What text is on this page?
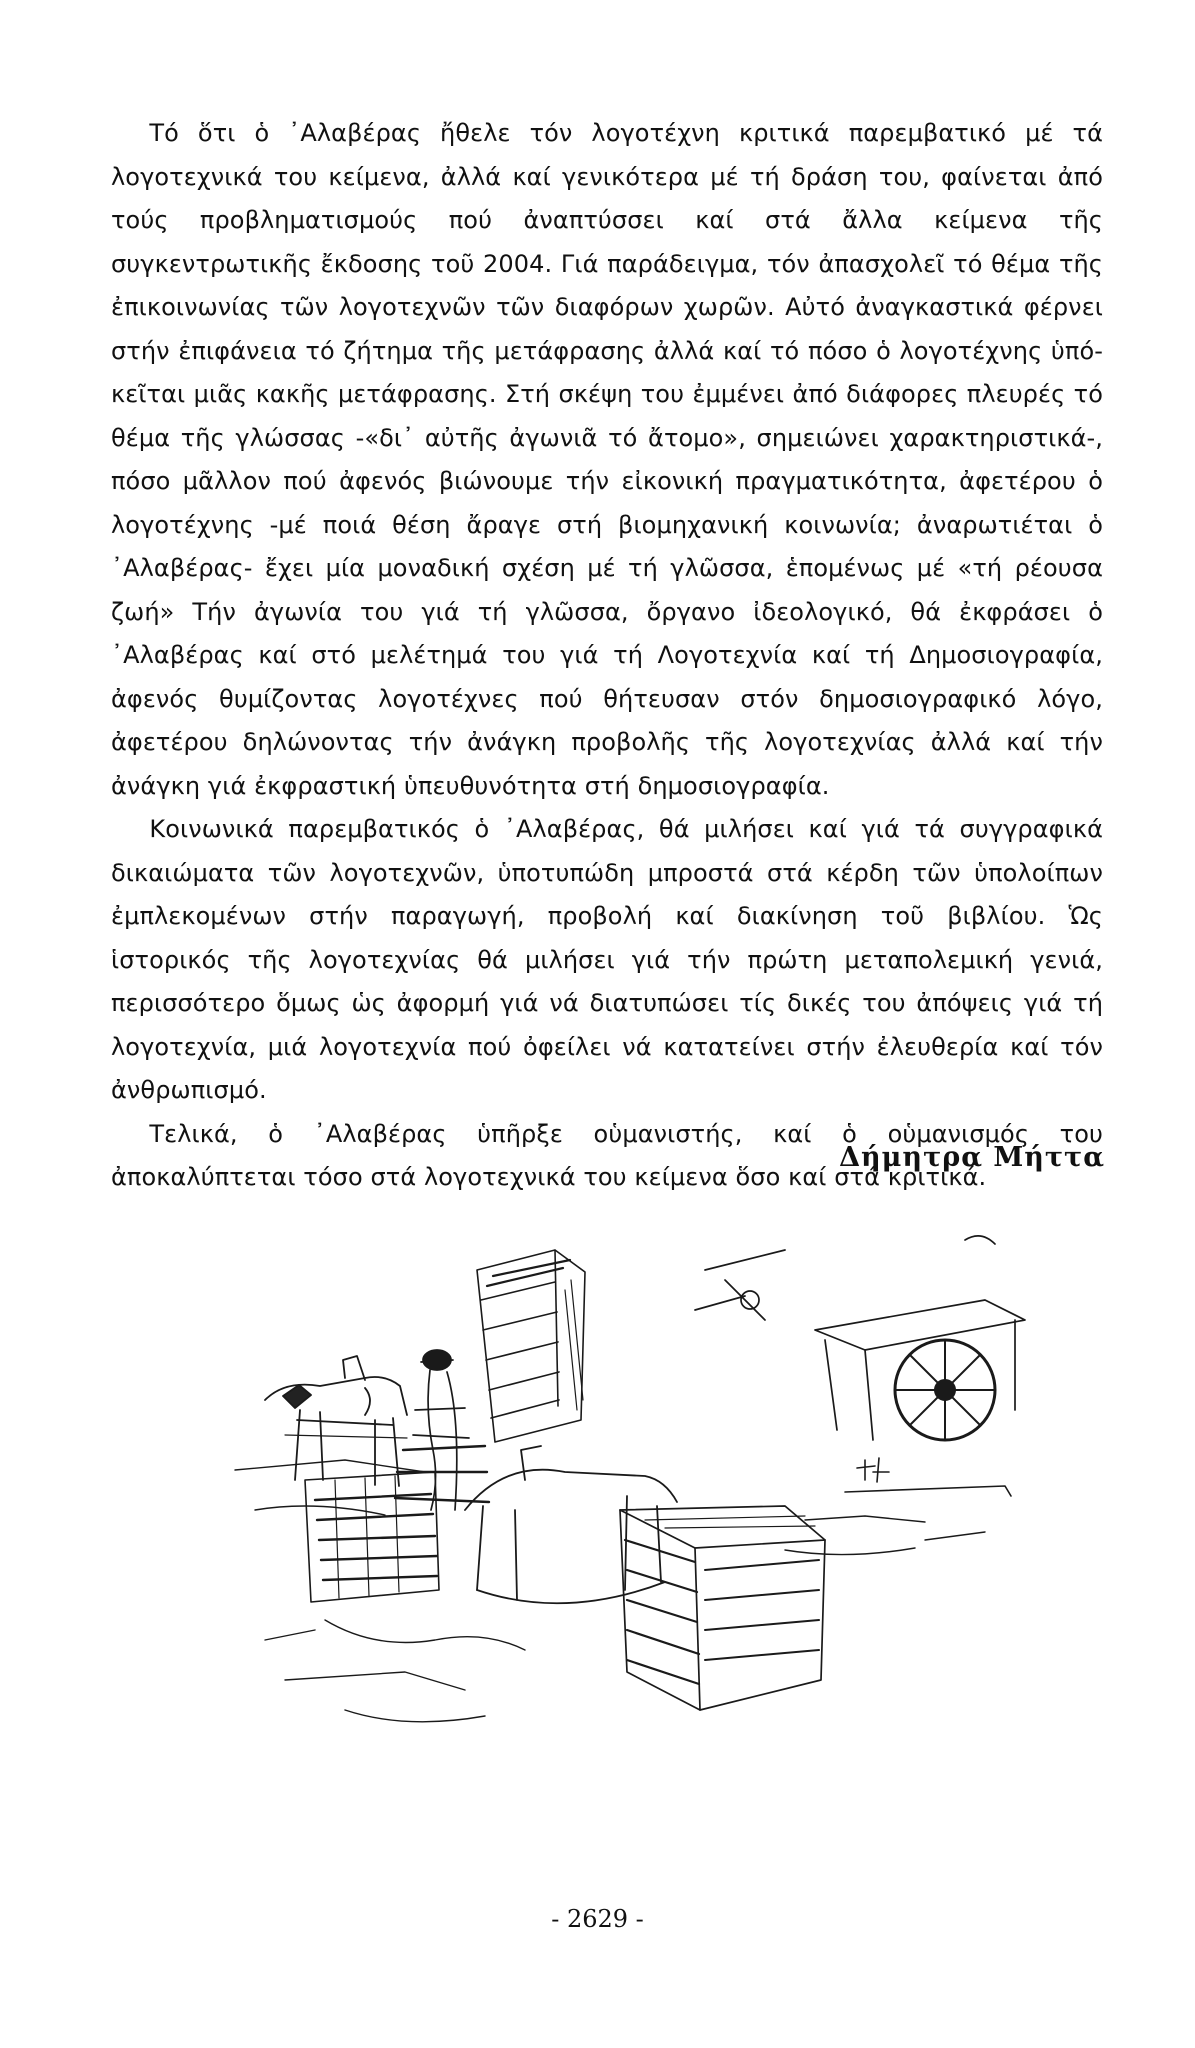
Τό ὅτι ὁ ᾿Αλαβέρας ἤθελε τόν λογοτέχνη κριτικά παρεμβατικό μέ τά λογοτεχνικά του κείμενα, ἀλλά καί γενικότερα μέ τή δράση του, φαίνεται ἀπό τούς προβληματισμούς πού ἀναπτύσσει καί στά ἄλλα κείμενα τῆς συγκεντρωτικῆς ἔκδοσης τοῦ 2004. Γιά παράδειγμα, τόν ἀπασχολεῖ τό θέμα τῆς ἐπικοινωνίας τῶν λογοτεχνῶν τῶν διαφόρων χωρῶν. Αὐτό ἀναγκαστικά φέρνει στήν ἐπιφάνεια τό ζήτημα τῆς μετάφρασης ἀλλά καί τό πόσο ὁ λογοτέχνης ὑπό-κεῖται μιᾶς κακῆς μετάφρασης. Στή σκέψη του ἐμμένει ἀπό διάφορες πλευρές τό θέμα τῆς γλώσσας -«δι᾿ αὐτῆς ἀγωνιᾶ τό ἄτομο», σημειώνει χαρακτηριστικά-, πόσο μᾶλλον πού ἀφενός βιώνουμε τήν εἰκονική πραγματικότητα, ἀφετέρου ὁ λογοτέχνης -μέ ποιά θέση ἄραγε στή βιομηχανική κοινωνία; ἀναρωτιέται ὁ ᾿Αλαβέρας- ἔχει μία μοναδική σχέση μέ τή γλῶσσα, ἑπομένως μέ «τή ρέουσα ζωή» Τήν ἀγωνία του γιά τή γλῶσσα, ὄργανο ἰδεολογικό, θά ἐκφράσει ὁ ᾿Αλαβέρας καί στό μελέτημά του γιά τή Λογοτεχνία καί τή Δημοσιογραφία, ἀφενός θυμίζοντας λογοτέχνες πού θήτευσαν στόν δημοσιογραφικό λόγο, ἀφετέρου δηλώνοντας τήν ἀνάγκη προβολῆς τῆς λογοτεχνίας ἀλλά καί τήν ἀνάγκη γιά ἐκφραστική ὑπευθυνότητα στή δημοσιογραφία.

Κοινωνικά παρεμβατικός ὁ ᾿Αλαβέρας, θά μιλήσει καί γιά τά συγγραφικά δικαιώματα τῶν λογοτεχνῶν, ὑποτυπώδη μπροστά στά κέρδη τῶν ὑπολοίπων ἐμπλεκομένων στήν παραγωγή, προβολή καί διακίνηση τοῦ βιβλίου. Ὡς ἱστορικός τῆς λογοτεχνίας θά μιλήσει γιά τήν πρώτη μεταπολεμική γενιά, περισσότερο ὅμως ὡς ἀφορμή γιά νά διατυπώσει τίς δικές του ἀπόψεις γιά τή λογοτεχνία, μιά λογοτεχνία πού ὀφείλει νά κατατείνει στήν ἐλευθερία καί τόν ἀνθρωπισμό.

Τελικά, ὁ ᾿Αλαβέρας ὑπῆρξε οὑμανιστής, καί ὁ οὑμανισμός του ἀποκαλύπτεται τόσο στά λογοτεχνικά του κείμενα ὅσο καί στά κριτικά.

Δήμητρα Μήττα
- 2629 -
